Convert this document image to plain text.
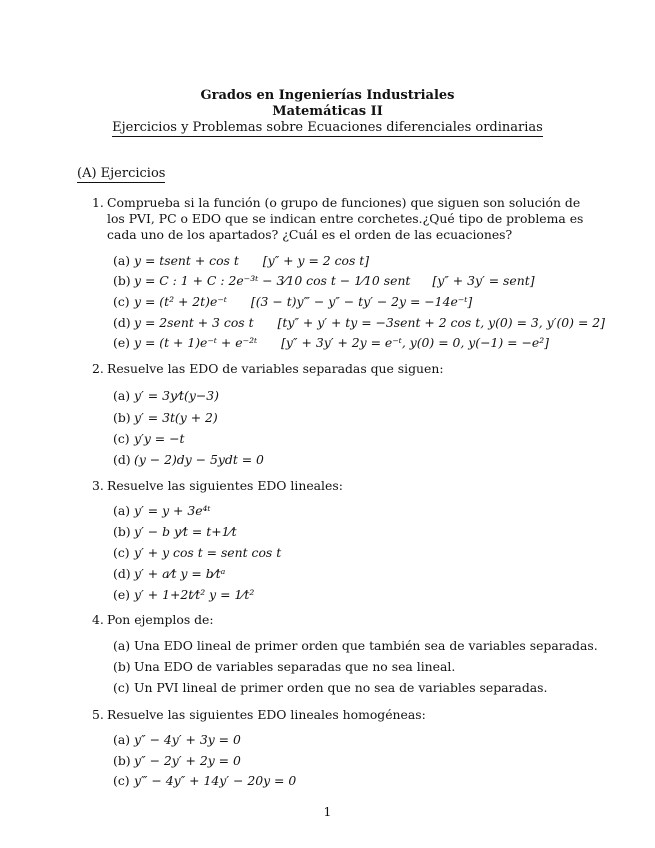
Grados en Ingenierías Industriales
Matemáticas II
Ejercicios y Problemas sobre Ecuaciones diferenciales ordinarias
(A) Ejercicios
1. Comprueba si la función (o grupo de funciones) que siguen son solución de los PVI, PC o EDO que se indican entre corchetes.¿Qué tipo de problema es cada uno de los apartados? ¿Cuál es el orden de las ecuaciones?
(a) y = tsent + cos t [y″ + y = 2 cos t]
(b) y = C : 1 + C : 2e⁻³ᵗ − 3⁄10 cos t − 1⁄10 sent [y″ + 3y′ = sent]
(c) y = (t² + 2t)e⁻ᵗ [(3 − t)y‴ − y″ − ty′ − 2y = −14e⁻ᵗ]
(d) y = 2sent + 3 cos t [ty″ + y′ + ty = −3sent + 2 cos t, y(0) = 3, y′(0) = 2]
(e) y = (t + 1)e⁻ᵗ + e⁻²ᵗ [y″ + 3y′ + 2y = e⁻ᵗ, y(0) = 0, y(−1) = −e²]
2. Resuelve las EDO de variables separadas que siguen:
(a) y′ = 3y⁄t(y−3)
(b) y′ = 3t(y + 2)
(c) y′y = −t
(d) (y − 2)dy − 5ydt = 0
3. Resuelve las siguientes EDO lineales:
(a) y′ = y + 3e⁴ᵗ
(b) y′ − b y⁄t = t+1⁄t
(c) y′ + y cos t = sent cos t
(d) y′ + a⁄t y = b⁄tᵃ
(e) y′ + 1+2t⁄t² y = 1⁄t²
4. Pon ejemplos de:
(a) Una EDO lineal de primer orden que también sea de variables separadas.
(b) Una EDO de variables separadas que no sea lineal.
(c) Un PVI lineal de primer orden que no sea de variables separadas.
5. Resuelve las siguientes EDO lineales homogéneas:
(a) y″ − 4y′ + 3y = 0
(b) y″ − 2y′ + 2y = 0
(c) y‴ − 4y″ + 14y′ − 20y = 0
1
